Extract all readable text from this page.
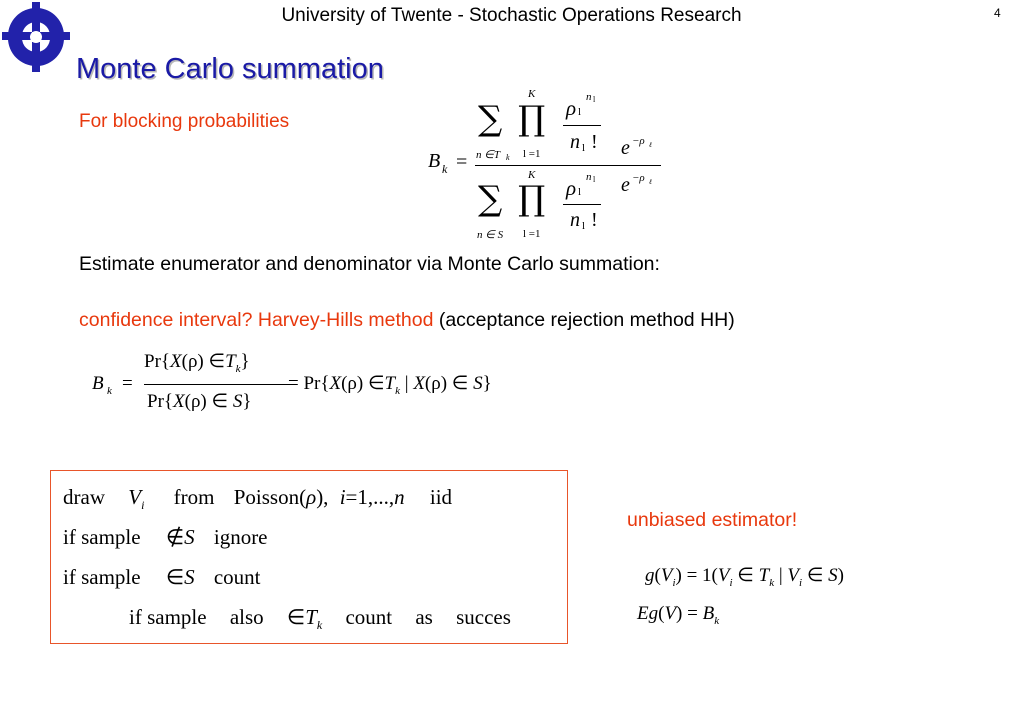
University of Twente - Stochastic Operations Research	4
Monte Carlo summation
For blocking probabilities
B k =
∑ ∏
K
n ∈T k l =1
ρ l
n l
n l ! e −ρ ℓ
K
∑ ∏
n ∈ S l =1
ρ l
n l
n l !
e −ρ ℓ
Estimate enumerator and denominator via Monte Carlo summation:
confidence interval? Harvey-Hills method (acceptance rejection method HH)
B k =
Pr{X(ρ) $\in T_k$}
Pr{X(ρ) ∈ S}
= Pr{X(ρ) $\in T_k$ | X(ρ) ∈ S}
draw $V_i$ from Poisson(ρ), i=1,...,n iid
if sample ∉S ignore
if sample ∈S count
if sample also $\in T_k$ count as succes
unbiased estimator!
$g(V_i) = 1(V_i$ ∈ $T_k$ | $V_i$ ∈ S)
$Eg(V) = B_k$
